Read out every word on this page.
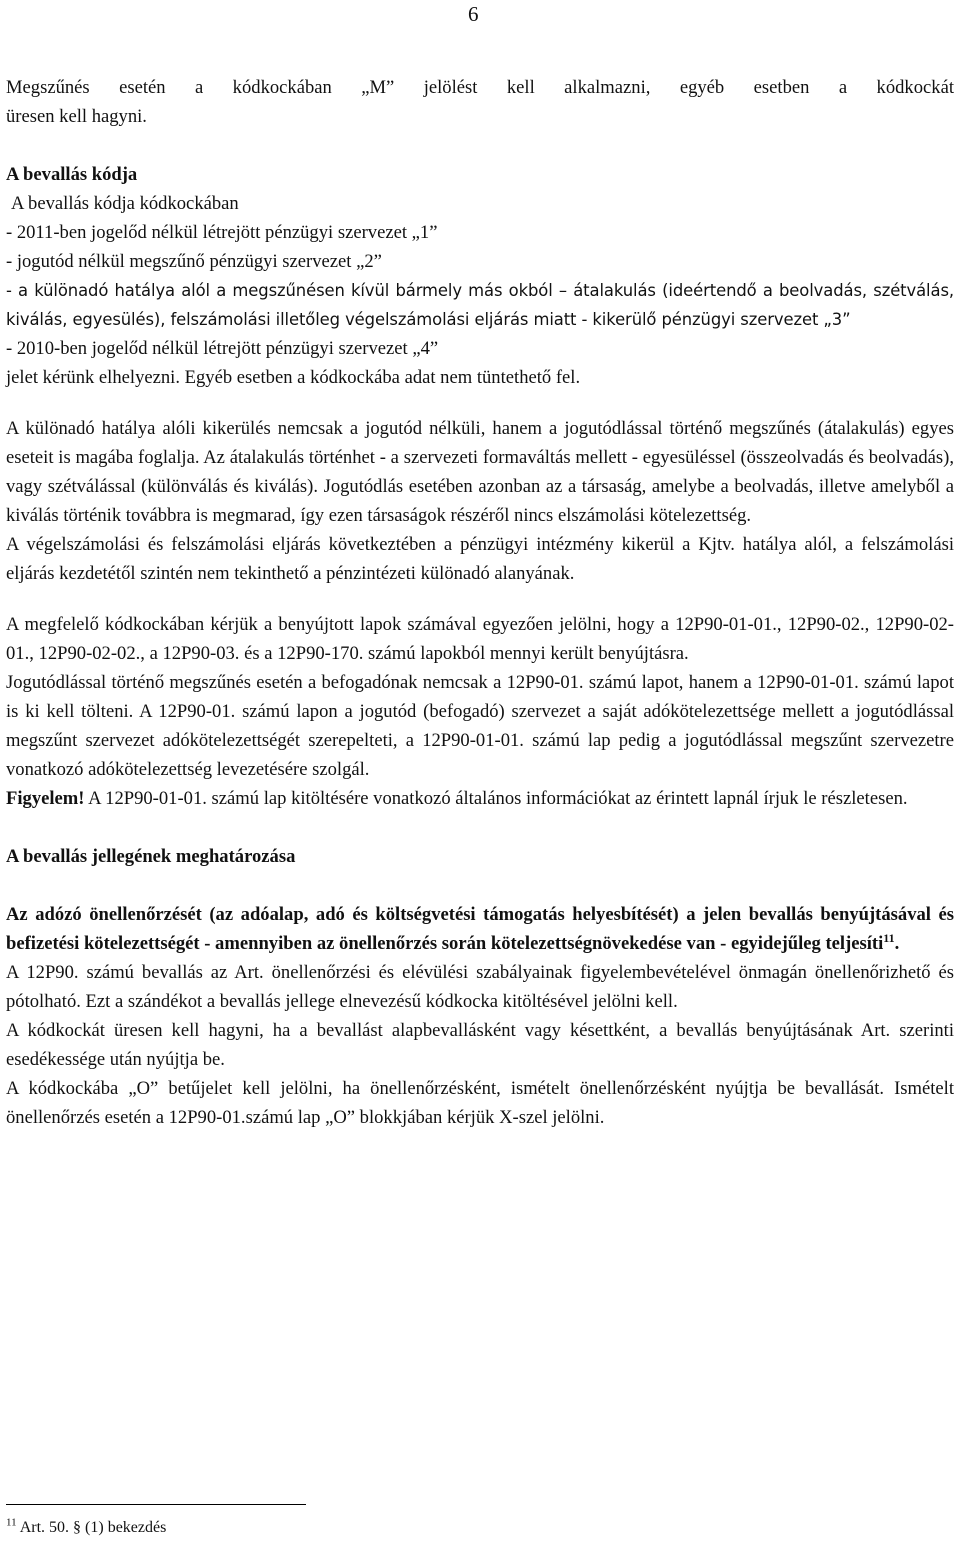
6

Megszűnés esetén a kódkockában „M” jelölést kell alkalmazni, egyéb esetben a kódkockát

üresen kell hagyni.

A bevallás kódja

A bevallás kódja kódkockában

- 2011-ben jogelőd nélkül létrejött pénzügyi szervezet „1”

- jogutód nélkül megszűnő pénzügyi szervezet „2”

- a különadó hatálya alól a megszűnésen kívül bármely más okból – átalakulás (ideértendő a beolvadás, szétválás, kiválás, egyesülés), felszámolási illetőleg végelszámolási eljárás miatt - kikerülő pénzügyi szervezet „3”

- 2010-ben jogelőd nélkül létrejött pénzügyi szervezet „4”

jelet kérünk elhelyezni. Egyéb esetben a kódkockába adat nem tüntethető fel.

A különadó hatálya alóli kikerülés nemcsak a jogutód nélküli, hanem a jogutódlással történő megszűnés (átalakulás) egyes eseteit is magába foglalja. Az átalakulás történhet - a szervezeti formaváltás mellett - egyesüléssel (összeolvadás és beolvadás), vagy szétválással (különválás és kiválás). Jogutódlás esetében azonban az a társaság, amelybe a beolvadás, illetve amelyből a kiválás történik továbbra is megmarad, így ezen társaságok részéről nincs elszámolási kötelezettség.

A végelszámolási és felszámolási eljárás következtében a pénzügyi intézmény kikerül a Kjtv. hatálya alól, a felszámolási eljárás kezdetétől szintén nem tekinthető a pénzintézeti különadó alanyának.

A megfelelő kódkockában kérjük a benyújtott lapok számával egyezően jelölni, hogy a 12P90-01-01., 12P90-02., 12P90-02-01., 12P90-02-02., a 12P90-03. és a 12P90-170. számú lapokból mennyi került benyújtásra.

Jogutódlással történő megszűnés esetén a befogadónak nemcsak a 12P90-01. számú lapot, hanem a 12P90-01-01. számú lapot is ki kell tölteni. A 12P90-01. számú lapon a jogutód (befogadó) szervezet a saját adókötelezettsége mellett a jogutódlással megszűnt szervezet adókötelezettségét szerepelteti, a 12P90-01-01. számú lap pedig a jogutódlással megszűnt szervezetre vonatkozó adókötelezettség levezetésére szolgál.

Figyelem! A 12P90-01-01. számú lap kitöltésére vonatkozó általános információkat az érintett lapnál írjuk le részletesen.

A bevallás jellegének meghatározása

Az adózó önellenőrzését (az adóalap, adó és költségvetési támogatás helyesbítését) a jelen bevallás benyújtásával és befizetési kötelezettségét - amennyiben az önellenőrzés során kötelezettségnövekedése van - egyidejűleg teljesíti$^{11}$.

A 12P90. számú bevallás az Art. önellenőrzési és elévülési szabályainak figyelembevételével önmagán önellenőrizhető és pótolható. Ezt a szándékot a bevallás jellege elnevezésű kódkocka kitöltésével jelölni kell.

A kódkockát üresen kell hagyni, ha a bevallást alapbevallásként vagy késettként, a bevallás benyújtásának Art. szerinti esedékessége után nyújtja be.

A kódkockába „O” betűjelet kell jelölni, ha önellenőrzésként, ismételt önellenőrzésként nyújtja be bevallását. Ismételt önellenőrzés esetén a 12P90-01.számú lap „O” blokkjában kérjük X-szel jelölni.

$^{11}$ Art. 50. § (1) bekezdés
